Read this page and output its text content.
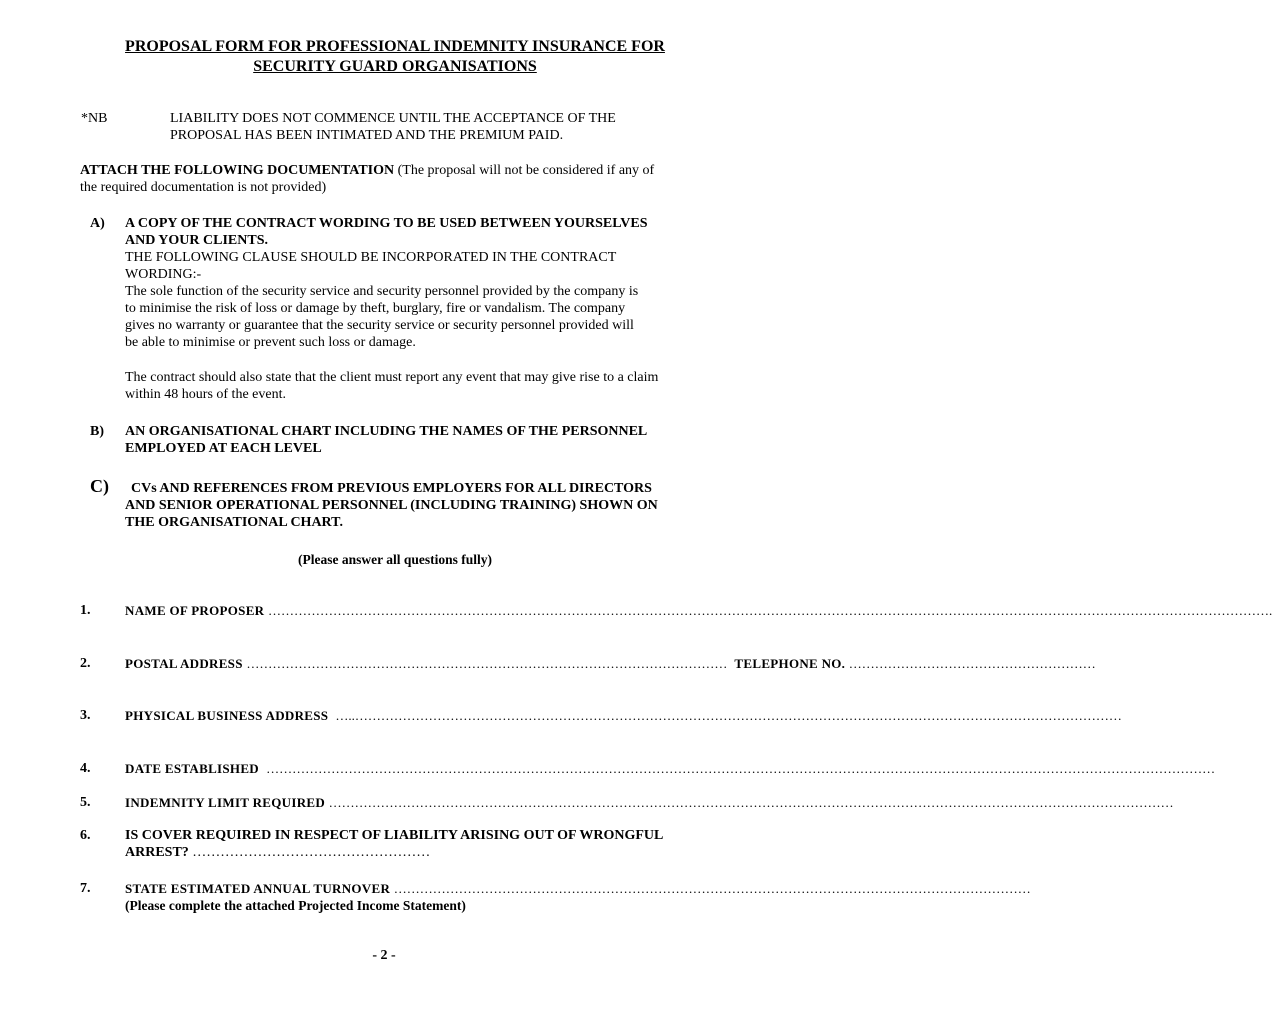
PROPOSAL FORM FOR PROFESSIONAL INDEMNITY INSURANCE FOR
SECURITY GUARD ORGANISATIONS
*NB	LIABILITY DOES NOT COMMENCE UNTIL THE ACCEPTANCE OF THE
PROPOSAL HAS BEEN INTIMATED AND THE PREMIUM PAID.
ATTACH THE FOLLOWING DOCUMENTATION (The proposal will not be considered if any of
the required documentation is not provided)
A) A COPY OF THE CONTRACT WORDING TO BE USED BETWEEN YOURSELVES
AND YOUR CLIENTS.
THE FOLLOWING CLAUSE SHOULD BE INCORPORATED IN THE CONTRACT
WORDING:-
The sole function of the security service and security personnel provided by the company is
to minimise the risk of loss or damage by theft, burglary, fire or vandalism. The company
gives no warranty or guarantee that the security service or security personnel provided will
be able to minimise or prevent such loss or damage.
The contract should also state that the client must report any event that may give rise to a claim
within 48 hours of the event.
B) AN ORGANISATIONAL CHART INCLUDING THE NAMES OF THE PERSONNEL
EMPLOYED AT EACH LEVEL
C)	CVs AND REFERENCES FROM PREVIOUS EMPLOYERS FOR ALL DIRECTORS
AND SENIOR OPERATIONAL PERSONNEL (INCLUDING TRAINING) SHOWN ON
THE ORGANISATIONAL CHART.
(Please answer all questions fully)
1.	NAME OF PROPOSER …………………………………………………………………………………………………………………………………………………………………………………………………………….
2.	POSTAL ADDRESS ………………………………………………………………………………………………… TELEPHONE NO. …………………………………………………
3.	PHYSICAL BUSINESS ADDRESS …..……………………………………………………………………………………………………………………………………………………………
4.	DATE ESTABLISHED …………………………………………………………………………………………………………………………………………………………………………………………………
5.	INDEMNITY LIMIT REQUIRED ……………………………………………………………………………………………………………………………………………………………………………
6. IS COVER REQUIRED IN RESPECT OF LIABILITY ARISING OUT OF WRONGFUL
ARREST? ……………………………………………
7.	STATE ESTIMATED ANNUAL TURNOVER …………………………………………………………………………………………………………………………………
(Please complete the attached Projected Income Statement)
- 2 -
